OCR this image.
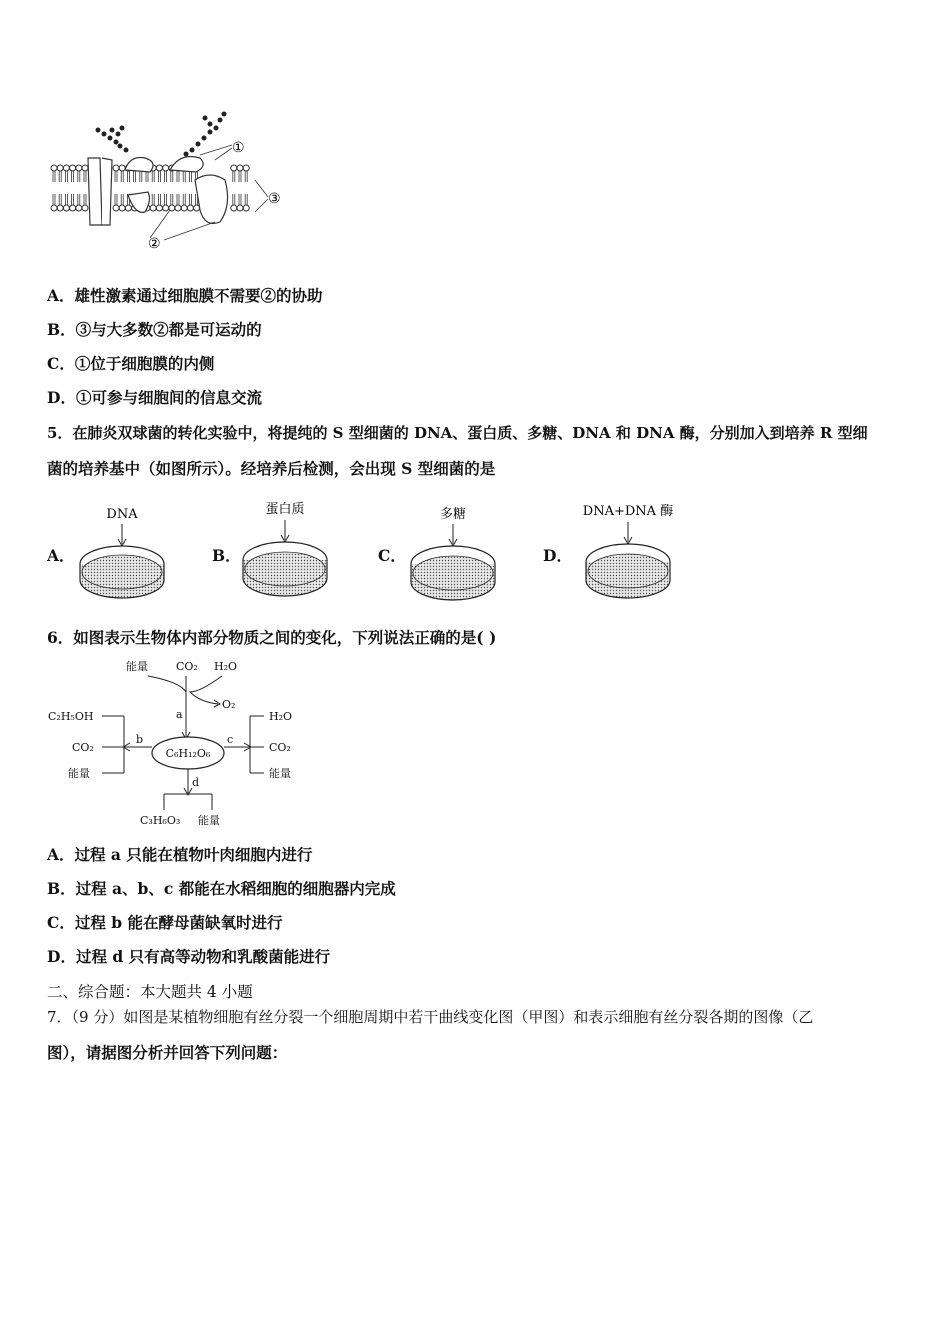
①
③
②
A．雄性激素通过细胞膜不需要②的协助
B．③与大多数②都是可运动的
C．①位于细胞膜的内侧
D．①可参与细胞间的信息交流
5．在肺炎双球菌的转化实验中，将提纯的 S 型细菌的 DNA、蛋白质、多糖、DNA 和 DNA 酶，分别加入到培养 R 型细
菌的培养基中（如图所示）。经培养后检测，会出现 S 型细菌的是
A．	B．	C．	D．
DNA	蛋白质	多糖	DNA+DNA 酶
6．如图表示生物体内部分物质之间的变化，下列说法正确的是( )
能量	CO₂ H₂O
O₂
a
C₆H₁₂O₆
b
C₂H₅OH
CO₂
能量
c
H₂O
CO₂
能量
d
C₃H₆O₃ 能量
A．过程 a 只能在植物叶肉细胞内进行
B．过程 a、b、c 都能在水稻细胞的细胞器内完成
C．过程 b 能在酵母菌缺氧时进行
D．过程 d 只有高等动物和乳酸菌能进行
二、综合题：本大题共 4 小题
7．（9 分）如图是某植物细胞有丝分裂一个细胞周期中若干曲线变化图（甲图）和表示细胞有丝分裂各期的图像（乙
图），请据图分析并回答下列问题：
